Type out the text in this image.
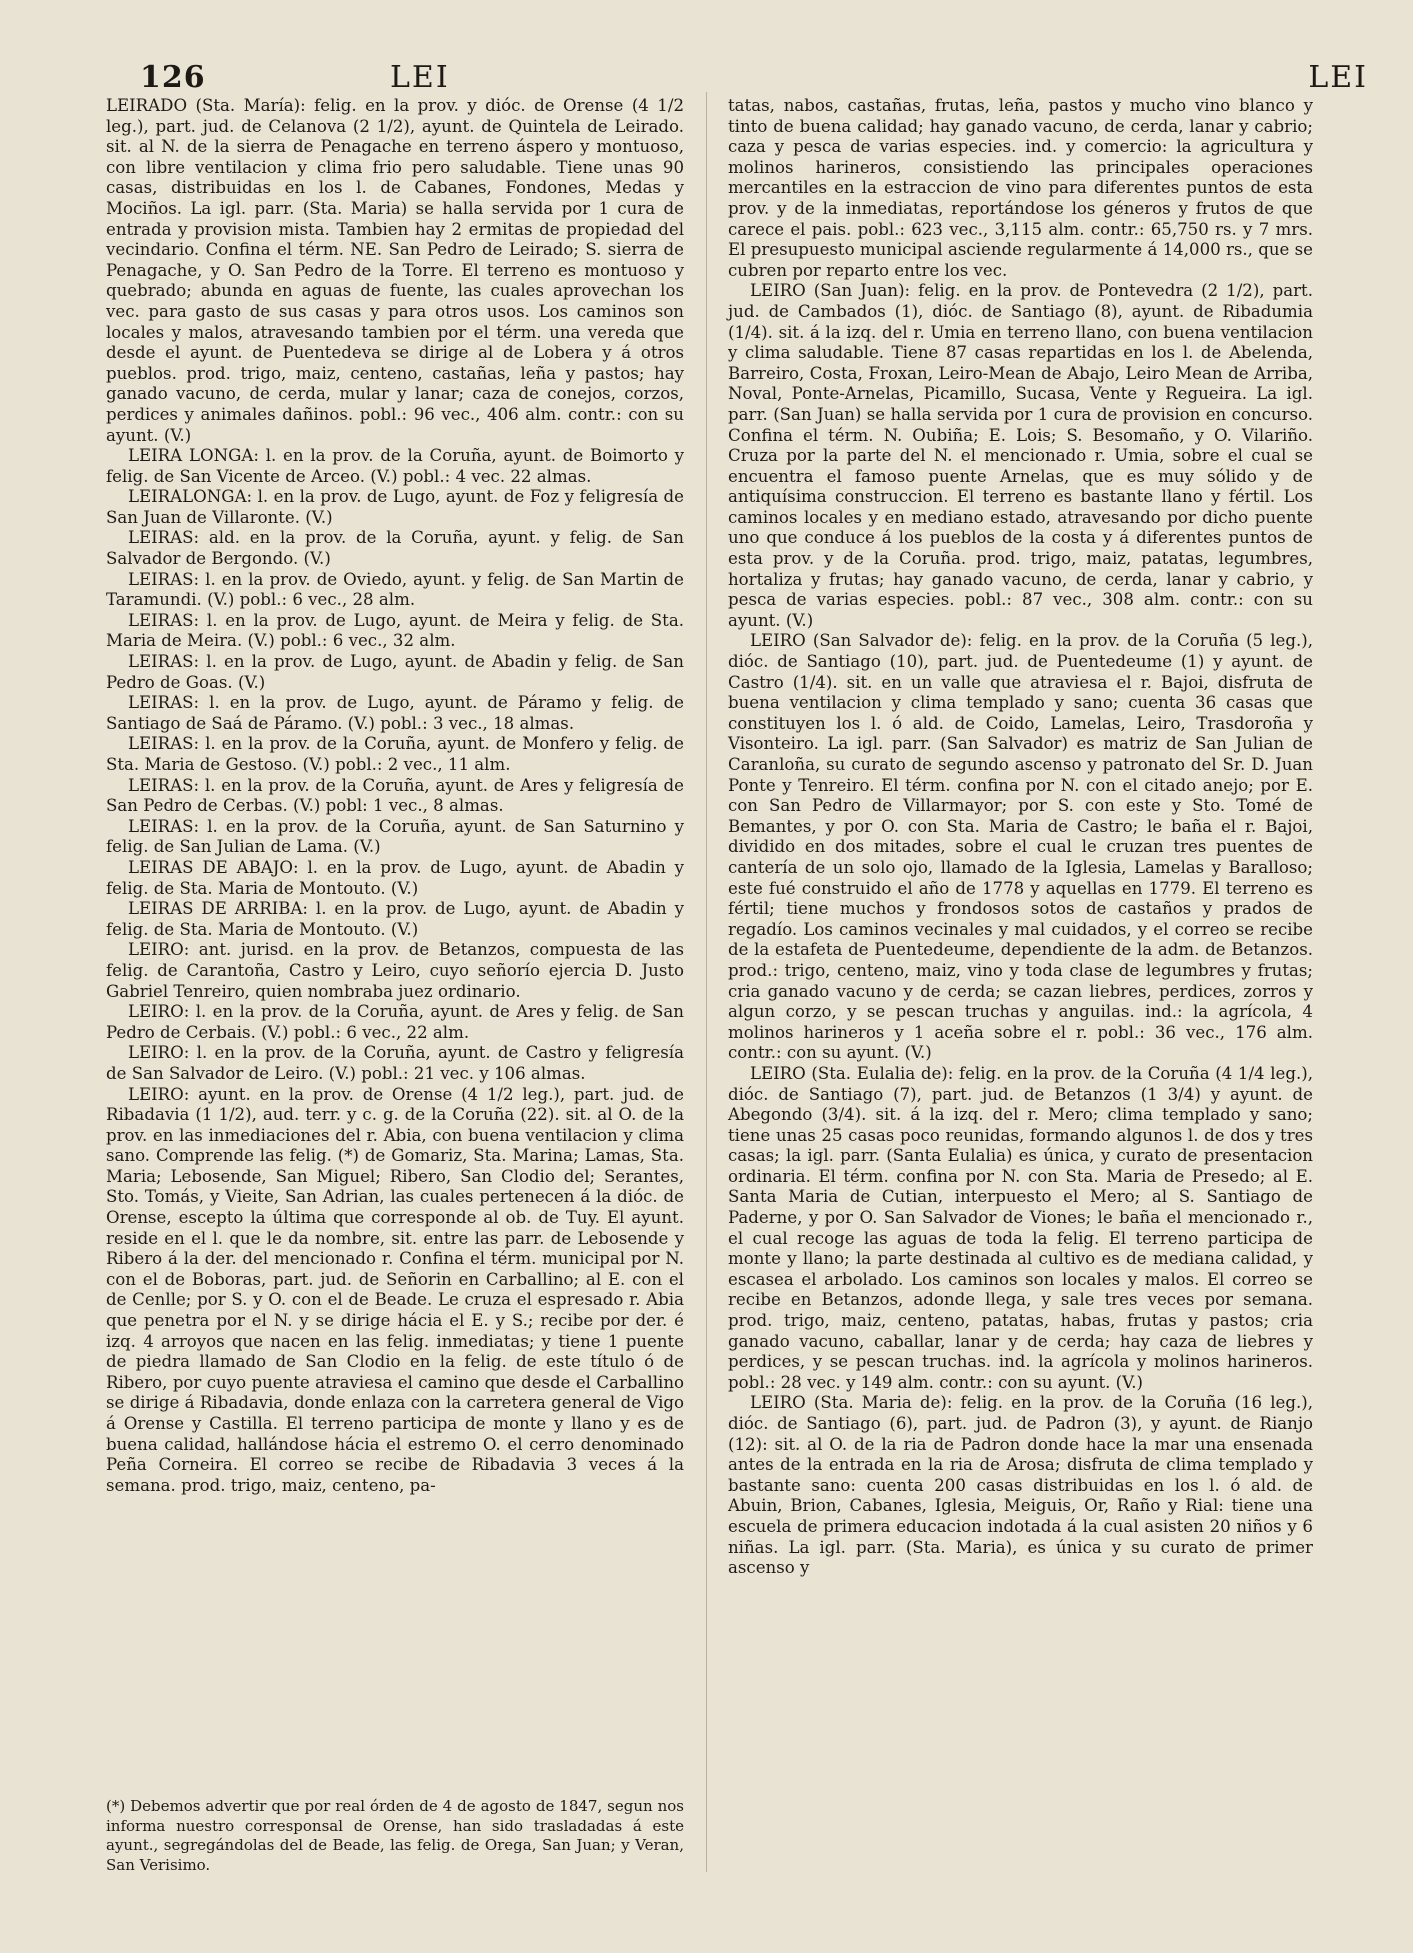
126	LEI	LEI

LEIRADO (Sta. María): felig. en la prov. y dióc. de Orense (4 1/2 leg.), part. jud. de Celanova (2 1/2), ayunt. de Quintela de Leirado. sit. al N. de la sierra de Penagache en terreno áspero y montuoso, con libre ventilacion y clima frio pero saludable. Tiene unas 90 casas, distribuidas en los l. de Cabanes, Fondones, Medas y Mociños. La igl. parr. (Sta. Maria) se halla servida por 1 cura de entrada y provision mista. Tambien hay 2 ermitas de propiedad del vecindario. Confina el térm. NE. San Pedro de Leirado; S. sierra de Penagache, y O. San Pedro de la Torre. El terreno es montuoso y quebrado; abunda en aguas de fuente, las cuales aprovechan los vec. para gasto de sus casas y para otros usos. Los caminos son locales y malos, atravesando tambien por el térm. una vereda que desde el ayunt. de Puentedeva se dirige al de Lobera y á otros pueblos. prod. trigo, maiz, centeno, castañas, leña y pastos; hay ganado vacuno, de cerda, mular y lanar; caza de conejos, corzos, perdices y animales dañinos. pobl.: 96 vec., 406 alm. contr.: con su ayunt. (V.)

LEIRA LONGA: l. en la prov. de la Coruña, ayunt. de Boimorto y felig. de San Vicente de Arceo. (V.) pobl.: 4 vec. 22 almas.

LEIRALONGA: l. en la prov. de Lugo, ayunt. de Foz y feligresía de San Juan de Villaronte. (V.)

LEIRAS: ald. en la prov. de la Coruña, ayunt. y felig. de San Salvador de Bergondo. (V.)

LEIRAS: l. en la prov. de Oviedo, ayunt. y felig. de San Martin de Taramundi. (V.) pobl.: 6 vec., 28 alm.

LEIRAS: l. en la prov. de Lugo, ayunt. de Meira y felig. de Sta. Maria de Meira. (V.) pobl.: 6 vec., 32 alm.

LEIRAS: l. en la prov. de Lugo, ayunt. de Abadin y felig. de San Pedro de Goas. (V.)

LEIRAS: l. en la prov. de Lugo, ayunt. de Páramo y felig. de Santiago de Saá de Páramo. (V.) pobl.: 3 vec., 18 almas.

LEIRAS: l. en la prov. de la Coruña, ayunt. de Monfero y felig. de Sta. Maria de Gestoso. (V.) pobl.: 2 vec., 11 alm.

LEIRAS: l. en la prov. de la Coruña, ayunt. de Ares y feligresía de San Pedro de Cerbas. (V.) pobl: 1 vec., 8 almas.

LEIRAS: l. en la prov. de la Coruña, ayunt. de San Saturnino y felig. de San Julian de Lama. (V.)

LEIRAS DE ABAJO: l. en la prov. de Lugo, ayunt. de Abadin y felig. de Sta. Maria de Montouto. (V.)

LEIRAS DE ARRIBA: l. en la prov. de Lugo, ayunt. de Abadin y felig. de Sta. Maria de Montouto. (V.)

LEIRO: ant. jurisd. en la prov. de Betanzos, compuesta de las felig. de Carantoña, Castro y Leiro, cuyo señorío ejercia D. Justo Gabriel Tenreiro, quien nombraba juez ordinario.

LEIRO: l. en la prov. de la Coruña, ayunt. de Ares y felig. de San Pedro de Cerbais. (V.) pobl.: 6 vec., 22 alm.

LEIRO: l. en la prov. de la Coruña, ayunt. de Castro y feligresía de San Salvador de Leiro. (V.) pobl.: 21 vec. y 106 almas.

LEIRO: ayunt. en la prov. de Orense (4 1/2 leg.), part. jud. de Ribadavia (1 1/2), aud. terr. y c. g. de la Coruña (22). sit. al O. de la prov. en las inmediaciones del r. Abia, con buena ventilacion y clima sano. Comprende las felig. (*) de Gomariz, Sta. Marina; Lamas, Sta. Maria; Lebosende, San Miguel; Ribero, San Clodio del; Serantes, Sto. Tomás, y Vieite, San Adrian, las cuales pertenecen á la dióc. de Orense, escepto la última que corresponde al ob. de Tuy. El ayunt. reside en el l. que le da nombre, sit. entre las parr. de Lebosende y Ribero á la der. del mencionado r. Confina el térm. municipal por N. con el de Boboras, part. jud. de Señorin en Carballino; al E. con el de Cenlle; por S. y O. con el de Beade. Le cruza el espresado r. Abia que penetra por el N. y se dirige hácia el E. y S.; recibe por der. é izq. 4 arroyos que nacen en las felig. inmediatas; y tiene 1 puente de piedra llamado de San Clodio en la felig. de este título ó de Ribero, por cuyo puente atraviesa el camino que desde el Carballino se dirige á Ribadavia, donde enlaza con la carretera general de Vigo á Orense y Castilla. El terreno participa de monte y llano y es de buena calidad, hallándose hácia el estremo O. el cerro denominado Peña Corneira. El correo se recibe de Ribadavia 3 veces á la semana. prod. trigo, maiz, centeno, pa-

(*) Debemos advertir que por real órden de 4 de agosto de 1847, segun nos informa nuestro corresponsal de Orense, han sido trasladadas á este ayunt., segregándolas del de Beade, las felig. de Orega, San Juan; y Veran, San Verisimo.

tatas, nabos, castañas, frutas, leña, pastos y mucho vino blanco y tinto de buena calidad; hay ganado vacuno, de cerda, lanar y cabrio; caza y pesca de varias especies. ind. y comercio: la agricultura y molinos harineros, consistiendo las principales operaciones mercantiles en la estraccion de vino para diferentes puntos de esta prov. y de la inmediatas, reportándose los géneros y frutos de que carece el pais. pobl.: 623 vec., 3,115 alm. contr.: 65,750 rs. y 7 mrs. El presupuesto municipal asciende regularmente á 14,000 rs., que se cubren por reparto entre los vec.

LEIRO (San Juan): felig. en la prov. de Pontevedra (2 1/2), part. jud. de Cambados (1), dióc. de Santiago (8), ayunt. de Ribadumia (1/4). sit. á la izq. del r. Umia en terreno llano, con buena ventilacion y clima saludable. Tiene 87 casas repartidas en los l. de Abelenda, Barreiro, Costa, Froxan, Leiro-Mean de Abajo, Leiro Mean de Arriba, Noval, Ponte-Arnelas, Picamillo, Sucasa, Vente y Regueira. La igl. parr. (San Juan) se halla servida por 1 cura de provision en concurso. Confina el térm. N. Oubiña; E. Lois; S. Besomaño, y O. Vilariño. Cruza por la parte del N. el mencionado r. Umia, sobre el cual se encuentra el famoso puente Arnelas, que es muy sólido y de antiquísima construccion. El terreno es bastante llano y fértil. Los caminos locales y en mediano estado, atravesando por dicho puente uno que conduce á los pueblos de la costa y á diferentes puntos de esta prov. y de la Coruña. prod. trigo, maiz, patatas, legumbres, hortaliza y frutas; hay ganado vacuno, de cerda, lanar y cabrio, y pesca de varias especies. pobl.: 87 vec., 308 alm. contr.: con su ayunt. (V.)

LEIRO (San Salvador de): felig. en la prov. de la Coruña (5 leg.), dióc. de Santiago (10), part. jud. de Puentedeume (1) y ayunt. de Castro (1/4). sit. en un valle que atraviesa el r. Bajoi, disfruta de buena ventilacion y clima templado y sano; cuenta 36 casas que constituyen los l. ó ald. de Coido, Lamelas, Leiro, Trasdoroña y Visonteiro. La igl. parr. (San Salvador) es matriz de San Julian de Caranloña, su curato de segundo ascenso y patronato del Sr. D. Juan Ponte y Tenreiro. El térm. confina por N. con el citado anejo; por E. con San Pedro de Villarmayor; por S. con este y Sto. Tomé de Bemantes, y por O. con Sta. Maria de Castro; le baña el r. Bajoi, dividido en dos mitades, sobre el cual le cruzan tres puentes de cantería de un solo ojo, llamado de la Iglesia, Lamelas y Baralloso; este fué construido el año de 1778 y aquellas en 1779. El terreno es fértil; tiene muchos y frondosos sotos de castaños y prados de regadío. Los caminos vecinales y mal cuidados, y el correo se recibe de la estafeta de Puentedeume, dependiente de la adm. de Betanzos. prod.: trigo, centeno, maiz, vino y toda clase de legumbres y frutas; cria ganado vacuno y de cerda; se cazan liebres, perdices, zorros y algun corzo, y se pescan truchas y anguilas. ind.: la agrícola, 4 molinos harineros y 1 aceña sobre el r. pobl.: 36 vec., 176 alm. contr.: con su ayunt. (V.)

LEIRO (Sta. Eulalia de): felig. en la prov. de la Coruña (4 1/4 leg.), dióc. de Santiago (7), part. jud. de Betanzos (1 3/4) y ayunt. de Abegondo (3/4). sit. á la izq. del r. Mero; clima templado y sano; tiene unas 25 casas poco reunidas, formando algunos l. de dos y tres casas; la igl. parr. (Santa Eulalia) es única, y curato de presentacion ordinaria. El térm. confina por N. con Sta. Maria de Presedo; al E. Santa Maria de Cutian, interpuesto el Mero; al S. Santiago de Paderne, y por O. San Salvador de Viones; le baña el mencionado r., el cual recoge las aguas de toda la felig. El terreno participa de monte y llano; la parte destinada al cultivo es de mediana calidad, y escasea el arbolado. Los caminos son locales y malos. El correo se recibe en Betanzos, adonde llega, y sale tres veces por semana. prod. trigo, maiz, centeno, patatas, habas, frutas y pastos; cria ganado vacuno, caballar, lanar y de cerda; hay caza de liebres y perdices, y se pescan truchas. ind. la agrícola y molinos harineros. pobl.: 28 vec. y 149 alm. contr.: con su ayunt. (V.)

LEIRO (Sta. Maria de): felig. en la prov. de la Coruña (16 leg.), dióc. de Santiago (6), part. jud. de Padron (3), y ayunt. de Rianjo (12): sit. al O. de la ria de Padron donde hace la mar una ensenada antes de la entrada en la ria de Arosa; disfruta de clima templado y bastante sano: cuenta 200 casas distribuidas en los l. ó ald. de Abuin, Brion, Cabanes, Iglesia, Meiguis, Or, Raño y Rial: tiene una escuela de primera educacion indotada á la cual asisten 20 niños y 6 niñas. La igl. parr. (Sta. Maria), es única y su curato de primer ascenso y
